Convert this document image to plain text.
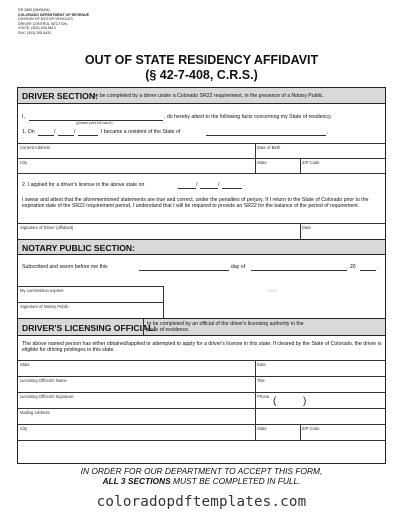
DR 2680 (09/05/06)
COLORADO DEPARTMENT OF REVENUE
DIVISION OF MOTOR VEHICLES
DRIVER CONTROL SECTION
VOICE: (303) 205-5613
FAX: (303) 205-6432
OUT OF STATE RESIDENCY AFFIDAVIT
(§ 42-7-408, C.R.S.)
DRIVER SECTION:
to be completed by a driver under a Colorado SR22 requirement, in the presence of a Notary Public.
I,	, do hereby attest to the following facts concerning my State of residency.
(please print full name)
1. On	/	/	I became a resident of the State of	.
Current Address	Date of Birth
City	State	ZIP Code
2. I applied for a driver's license in the above state on	/	/	.
I swear and attest that the aforementioned statements are true and correct, under the penalties of perjury. If I return to the State of Colorado prior to the expiration date of the SR22 requirement period, I understand that I will be required to provide an SR22 for the balance of the period of requirement.
Signature of Driver (affidavit)	Date
NOTARY PUBLIC SECTION:
Subscribed and sworn before me this	day of	, 20	.
My commission expires	Seal
Signature of Notary Public
DRIVER'S LICENSING OFFICIAL:
to be completed by an official of the driver's licensing authority in the
state of residence.
The above named person has either obtained/applied or attempted to apply for a driver's license in this state. If cleared by the State of Colorado, the driver is eligible for driving privileges in this state.
State	Date
Licensing Official's Name	Title
Licensing Official's Signature	Phone (	)
Mailing Address
City	State	ZIP Code
IN ORDER FOR OUR DEPARTMENT TO ACCEPT THIS FORM,
ALL 3 SECTIONS MUST BE COMPLETED IN FULL.
coloradopdftemplates.com
